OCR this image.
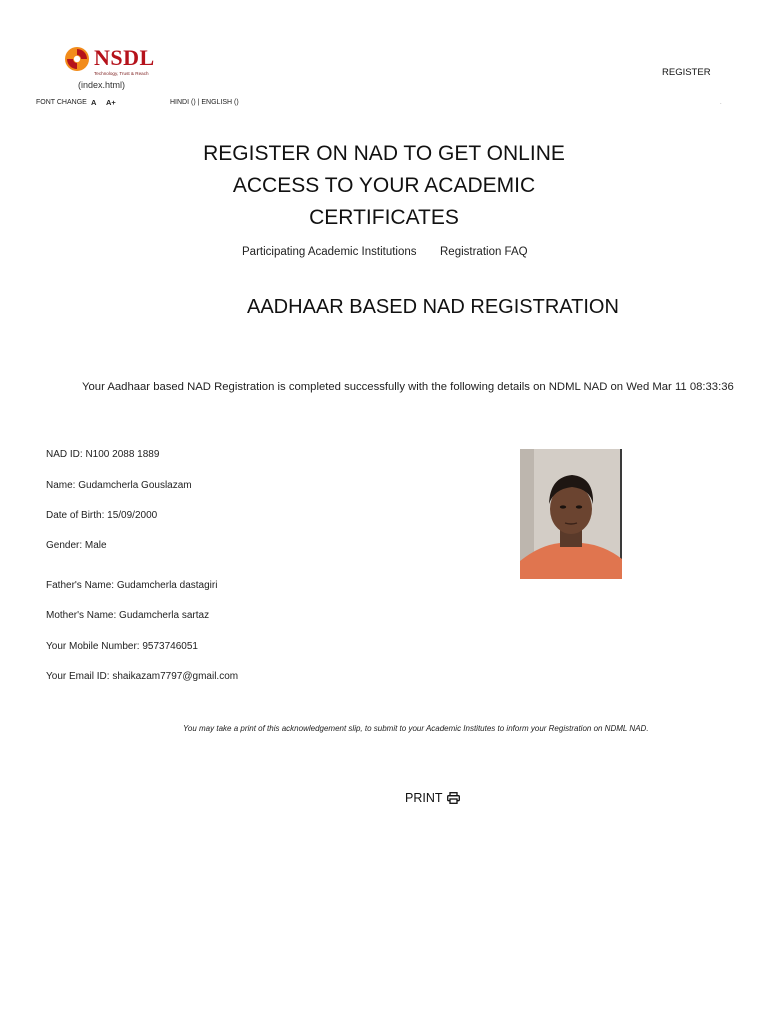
NSDL
Technology, Trust & Reach
(index.html)
REGISTER
FONT CHANGE A A+	HINDI () | ENGLISH ()	.
REGISTER ON NAD TO GET ONLINE ACCESS TO YOUR ACADEMIC CERTIFICATES
Participating Academic Institutions Registration FAQ
AADHAAR BASED NAD REGISTRATION
Your Aadhaar based NAD Registration is completed successfully with the following details on NDML NAD on Wed Mar 11 08:33:36
NAD ID: N100 2088 1889
Name: Gudamcherla Gouslazam
Date of Birth: 15/09/2000
Gender: Male
Father's Name: Gudamcherla dastagiri
Mother's Name: Gudamcherla sartaz
Your Mobile Number: 9573746051
Your Email ID: shaikazam7797@gmail.com
You may take a print of this acknowledgement slip, to submit to your Academic Institutes to inform your Registration on NDML NAD.
PRINT
